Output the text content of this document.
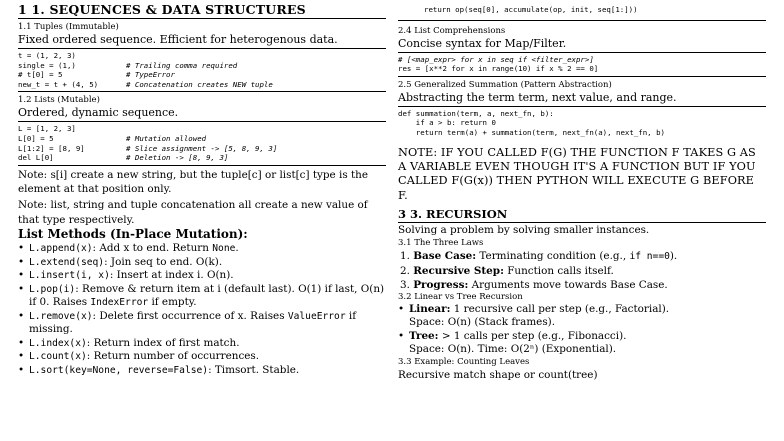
1 1. SEQUENCES & DATA STRUCTURES
1.1 Tuples (Immutable)
Fixed ordered sequence. Efficient for heterogenous data.
t = (1, 2, 3)
single = (1,)	# Trailing comma required
# t[0] = 5	# TypeError
new_t = t + (4, 5)	# Concatenation creates NEW tuple
1.2 Lists (Mutable)
Ordered, dynamic sequence.
L = [1, 2, 3]
L[0] = 5	# Mutation allowed
L[1:2] = [8, 9]	# Slice assignment -> [5, 8, 9, 3]
del L[0]	# Deletion -> [8, 9, 3]
Note: s[i] create a new string, but the tuple[c] or list[c] type is the element at that position only.
Note: list, string and tuple concatenation all create a new value of that type respectively.
List Methods (In-Place Mutation):
• L.append(x): Add x to end. Return None.
• L.extend(seq): Join seq to end. O(k).
• L.insert(i, x): Insert at index i. O(n).
• L.pop(i): Remove & return item at i (default last). O(1) if last, O(n) if 0. Raises IndexError if empty.
• L.remove(x): Delete first occurrence of x. Raises ValueError if missing.
• L.index(x): Return index of first match.
• L.count(x): Return number of occurrences.
• L.sort(key=None, reverse=False): Timsort. Stable.
return op(seq[0], accumulate(op, init, seq[1:]))
2.4 List Comprehensions
Concise syntax for Map/Filter.
# [<map_expr> for x in seq if <filter_expr>]
res = [x**2 for x in range(10) if x % 2 == 0]
2.5 Generalized Summation (Pattern Abstraction)
Abstracting the term term, next value, and range.
def summation(term, a, next_fn, b):
if a > b: return 0
return term(a) + summation(term, next_fn(a), next_fn, b)
NOTE: IF YOU CALLED F(G) THE FUNCTION F TAKES G AS A VARIABLE EVEN THOUGH IT'S A FUNCTION BUT IF YOU CALLED F(G(x)) THEN PYTHON WILL EXECUTE G BEFORE F.
3 3. RECURSION
Solving a problem by solving smaller instances.
3.1 The Three Laws
1. Base Case: Terminating condition (e.g., if n==0).
2. Recursive Step: Function calls itself.
3. Progress: Arguments move towards Base Case.
3.2 Linear vs Tree Recursion
• Linear: 1 recursive call per step (e.g., Factorial).
Space: O(n) (Stack frames).
• Tree: > 1 calls per step (e.g., Fibonacci).
Space: O(n). Time: O(2ⁿ) (Exponential).
3.3 Example: Counting Leaves
Recursive match shape or count(tree)
